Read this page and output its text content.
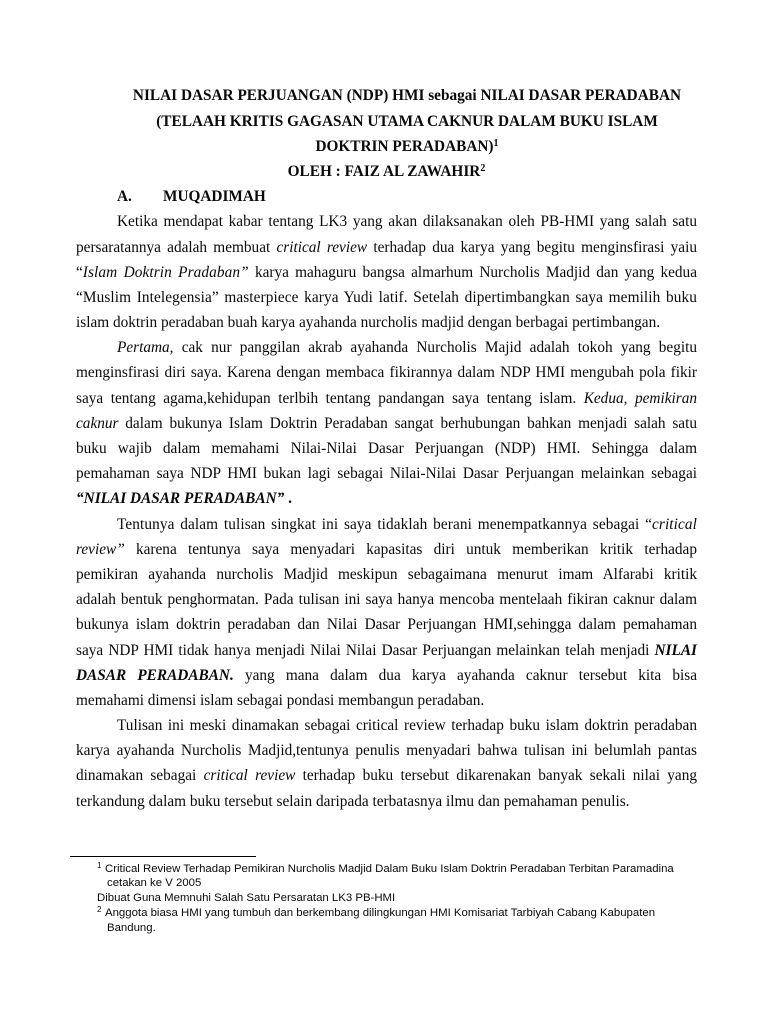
NILAI DASAR PERJUANGAN (NDP) HMI sebagai NILAI DASAR PERADABAN
(TELAAH KRITIS GAGASAN UTAMA CAKNUR DALAM BUKU ISLAM
DOKTRIN PERADABAN)$^1$
OLEH : FAIZ AL ZAWAHIR$^2$
A. MUQADIMAH
Ketika mendapat kabar tentang LK3 yang akan dilaksanakan oleh PB-HMI yang salah satu
persaratannya adalah membuat critical review terhadap dua karya yang begitu menginsfirasi yaiu
“Islam Doktrin Pradaban” karya mahaguru bangsa almarhum Nurcholis Madjid dan yang kedua
“Muslim Intelegensia” masterpiece karya Yudi latif. Setelah dipertimbangkan saya memilih buku
islam doktrin peradaban buah karya ayahanda nurcholis madjid dengan berbagai pertimbangan.
Pertama, cak nur panggilan akrab ayahanda Nurcholis Majid adalah tokoh yang begitu
menginsfirasi diri saya. Karena dengan membaca fikirannya dalam NDP HMI mengubah pola fikir
saya tentang agama,kehidupan terlbih tentang pandangan saya tentang islam. Kedua, pemikiran
caknur dalam bukunya Islam Doktrin Peradaban sangat berhubungan bahkan menjadi salah satu
buku wajib dalam memahami Nilai-Nilai Dasar Perjuangan (NDP) HMI. Sehingga dalam
pemahaman saya NDP HMI bukan lagi sebagai Nilai-Nilai Dasar Perjuangan melainkan sebagai
“NILAI DASAR PERADABAN” .
Tentunya dalam tulisan singkat ini saya tidaklah berani menempatkannya sebagai “critical
review” karena tentunya saya menyadari kapasitas diri untuk memberikan kritik terhadap
pemikiran ayahanda nurcholis Madjid meskipun sebagaimana menurut imam Alfarabi kritik
adalah bentuk penghormatan. Pada tulisan ini saya hanya mencoba mentelaah fikiran caknur dalam
bukunya islam doktrin peradaban dan Nilai Dasar Perjuangan HMI,sehingga dalam pemahaman
saya NDP HMI tidak hanya menjadi Nilai Nilai Dasar Perjuangan melainkan telah menjadi NILAI
DASAR PERADABAN. yang mana dalam dua karya ayahanda caknur tersebut kita bisa
memahami dimensi islam sebagai pondasi membangun peradaban.
Tulisan ini meski dinamakan sebagai critical review terhadap buku islam doktrin peradaban
karya ayahanda Nurcholis Madjid,tentunya penulis menyadari bahwa tulisan ini belumlah pantas
dinamakan sebagai critical review terhadap buku tersebut dikarenakan banyak sekali nilai yang
terkandung dalam buku tersebut selain daripada terbatasnya ilmu dan pemahaman penulis.
1 Critical Review Terhadap Pemikiran Nurcholis Madjid Dalam Buku Islam Doktrin Peradaban Terbitan Paramadina
cetakan ke V 2005
Dibuat Guna Memnuhi Salah Satu Persaratan LK3 PB-HMI
2 Anggota biasa HMI yang tumbuh dan berkembang dilingkungan HMI Komisariat Tarbiyah Cabang Kabupaten
Bandung.
